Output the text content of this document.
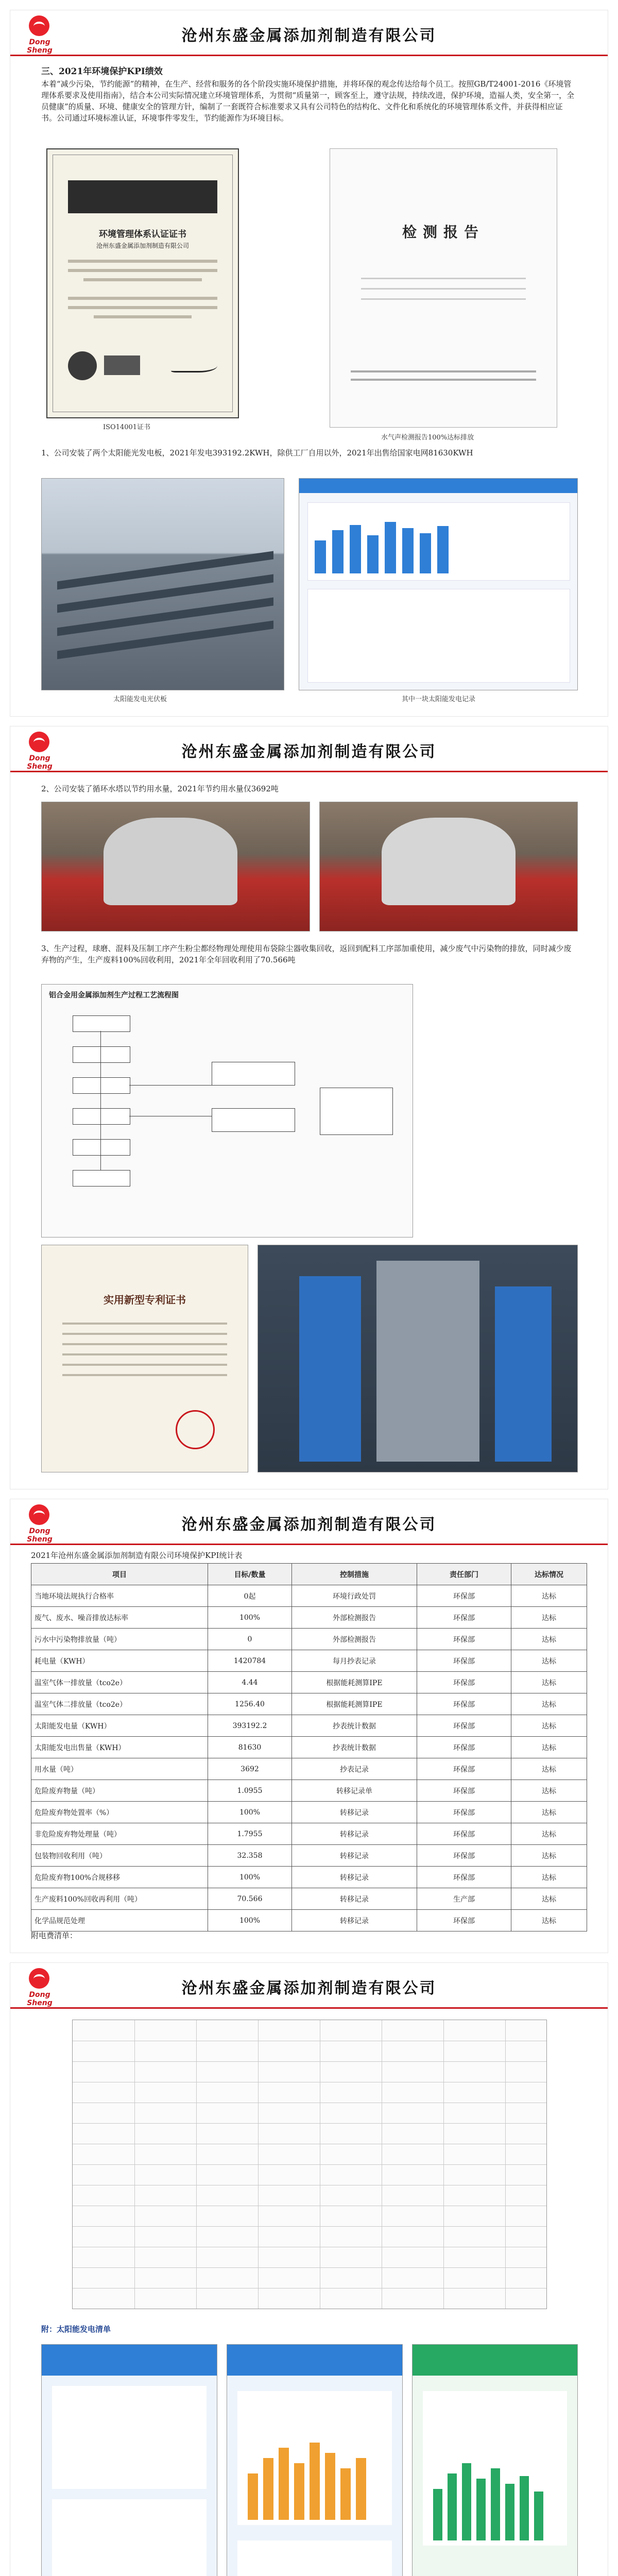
Dong Sheng
沧州东盛金属添加剂制造有限公司
三、2021年环境保护KPI绩效
本着“减少污染，节约能源”的精神，在生产、经营和服务的各个阶段实施环境保护措施，并将环保的观念传达给每个员工。按照GB/T24001-2016《环境管理体系要求及使用指南》，结合本公司实际情况建立环境管理体系，为贯彻“质量第一，顾客至上，遵守法规，持续改进，保护环境，造福人类，安全第一，全员健康”的质量、环境、健康安全的管理方针，编制了一套既符合标准要求又具有公司特色的结构化、文件化和系统化的环境管理体系文件，并获得相应证书。公司通过环境标准认证，环境事件零发生，节约能源作为环境目标。
环境管理体系认证证书
沧州东盛金属添加剂制造有限公司
ISO14001证书
检测报告
水气声检测报告100%达标排放
1、公司安装了两个太阳能光发电板，2021年发电393192.2KWH，除供工厂自用以外，2021年出售给国家电网81630KWH
太阳能发电光伏板	其中一块太阳能发电记录
Dong Sheng
沧州东盛金属添加剂制造有限公司
2、公司安装了循环水塔以节约用水量，2021年节约用水量仅3692吨
3、生产过程，球磨、混料及压制工序产生粉尘都经物理处理使用布袋除尘器收集回收，返回到配料工序部加重使用，减少废气中污染物的排放，同时减少废弃物的产生，生产废料100%回收利用，2021年全年回收利用了70.566吨
铝合金用金属添加剂生产过程工艺流程图
实用新型专利证书
Dong Sheng
沧州东盛金属添加剂制造有限公司
2021年沧州东盛金属添加剂制造有限公司环境保护KPI统计表
项目	目标/数量	控制措施	责任部门	达标情况
当地环境法规执行合格率	0起	环境行政处罚	环保部	达标
废气、废水、噪音排放达标率	100%	外部检测报告	环保部	达标
污水中污染物排放量（吨）	0	外部检测报告	环保部	达标
耗电量（KWH）	1420784	每月抄表记录	环保部	达标
温室气体一排放量（tco2e）	4.44	根据能耗测算IPE	环保部	达标
温室气体二排放量（tco2e）	1256.40	根据能耗测算IPE	环保部	达标
太阳能发电量（KWH）	393192.2	抄表统计数据	环保部	达标
太阳能发电出售量（KWH）	81630	抄表统计数据	环保部	达标
用水量（吨）	3692	抄表记录	环保部	达标
危险废弃物量（吨）	1.0955	转移记录单	环保部	达标
危险废弃物处置率（%）	100%	转移记录	环保部	达标
非危险废弃物处理量（吨）	1.7955	转移记录	环保部	达标
包装物回收利用（吨）	32.358	转移记录	环保部	达标
危险废弃物100%合规移移	100%	转移记录	环保部	达标
生产废料100%回收再利用（吨）	70.566	转移记录	生产部	达标
化学品规范处理	100%	转移记录	环保部	达标
附电费清单：
Dong Sheng
沧州东盛金属添加剂制造有限公司
附：太阳能发电清单
